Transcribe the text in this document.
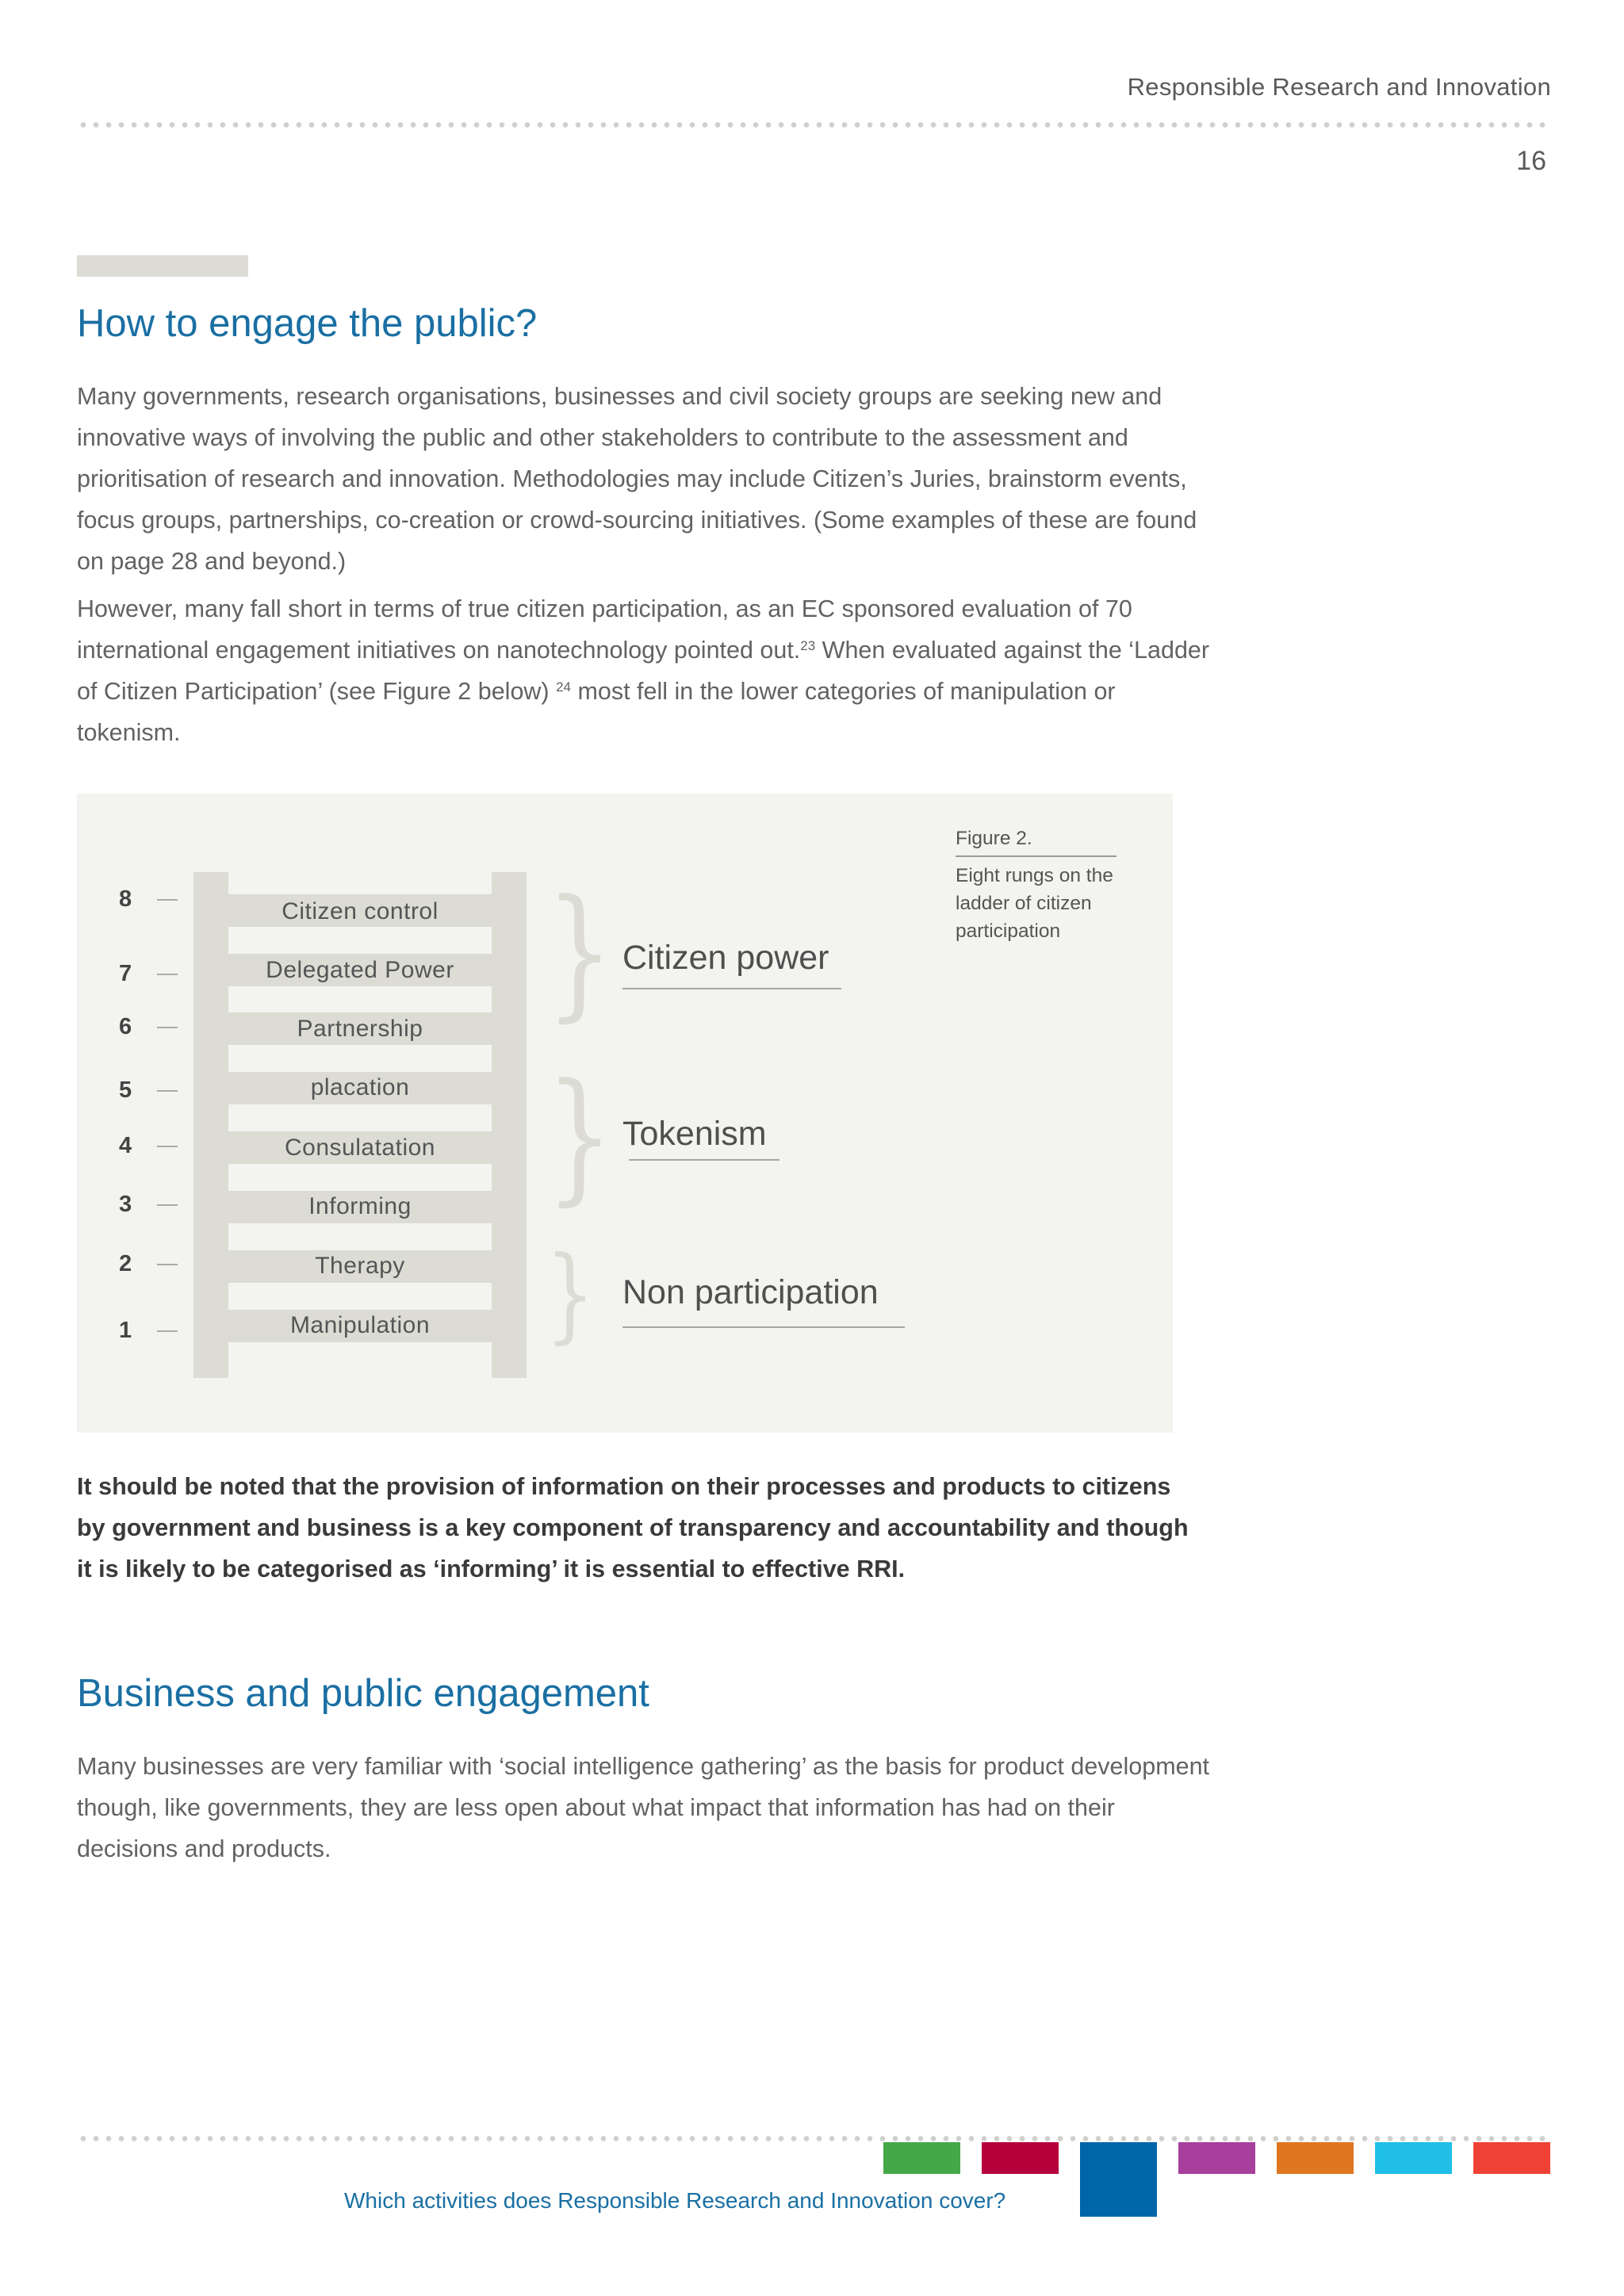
Responsible Research and Innovation
16
How to engage the public?

Many governments, research organisations, businesses and civil society groups are seeking new and innovative ways of involving the public and other stakeholders to contribute to the assessment and prioritisation of research and innovation. Methodologies may include Citizen’s Juries, brainstorm events, focus groups, partnerships, co-creation or crowd-sourcing initiatives. (Some examples of these are found on page 28 and beyond.)

However, many fall short in terms of true citizen participation, as an EC sponsored evaluation of 70 international engagement initiatives on nanotechnology pointed out.$^{23}$ When evaluated against the ‘Ladder of Citizen Participation’ (see Figure 2 below) $^{24}$ most fell in the lower categories of manipulation or tokenism.

Figure 2.
Eight rungs on the ladder of citizen participation
Citizen control
Delegated Power
Partnership
placation
Consulatation
Informing
Therapy
Manipulation
8
7
6
5
4
3
2
1
} Citizen power
} Tokenism
} Non participation

It should be noted that the provision of information on their processes and products to citizens by government and business is a key component of transparency and accountability and though it is likely to be categorised as ‘informing’ it is essential to effective RRI.

Business and public engagement

Many businesses are very familiar with ‘social intelligence gathering’ as the basis for product development though, like governments, they are less open about what impact that information has had on their decisions and products.

Which activities does Responsible Research and Innovation cover?
